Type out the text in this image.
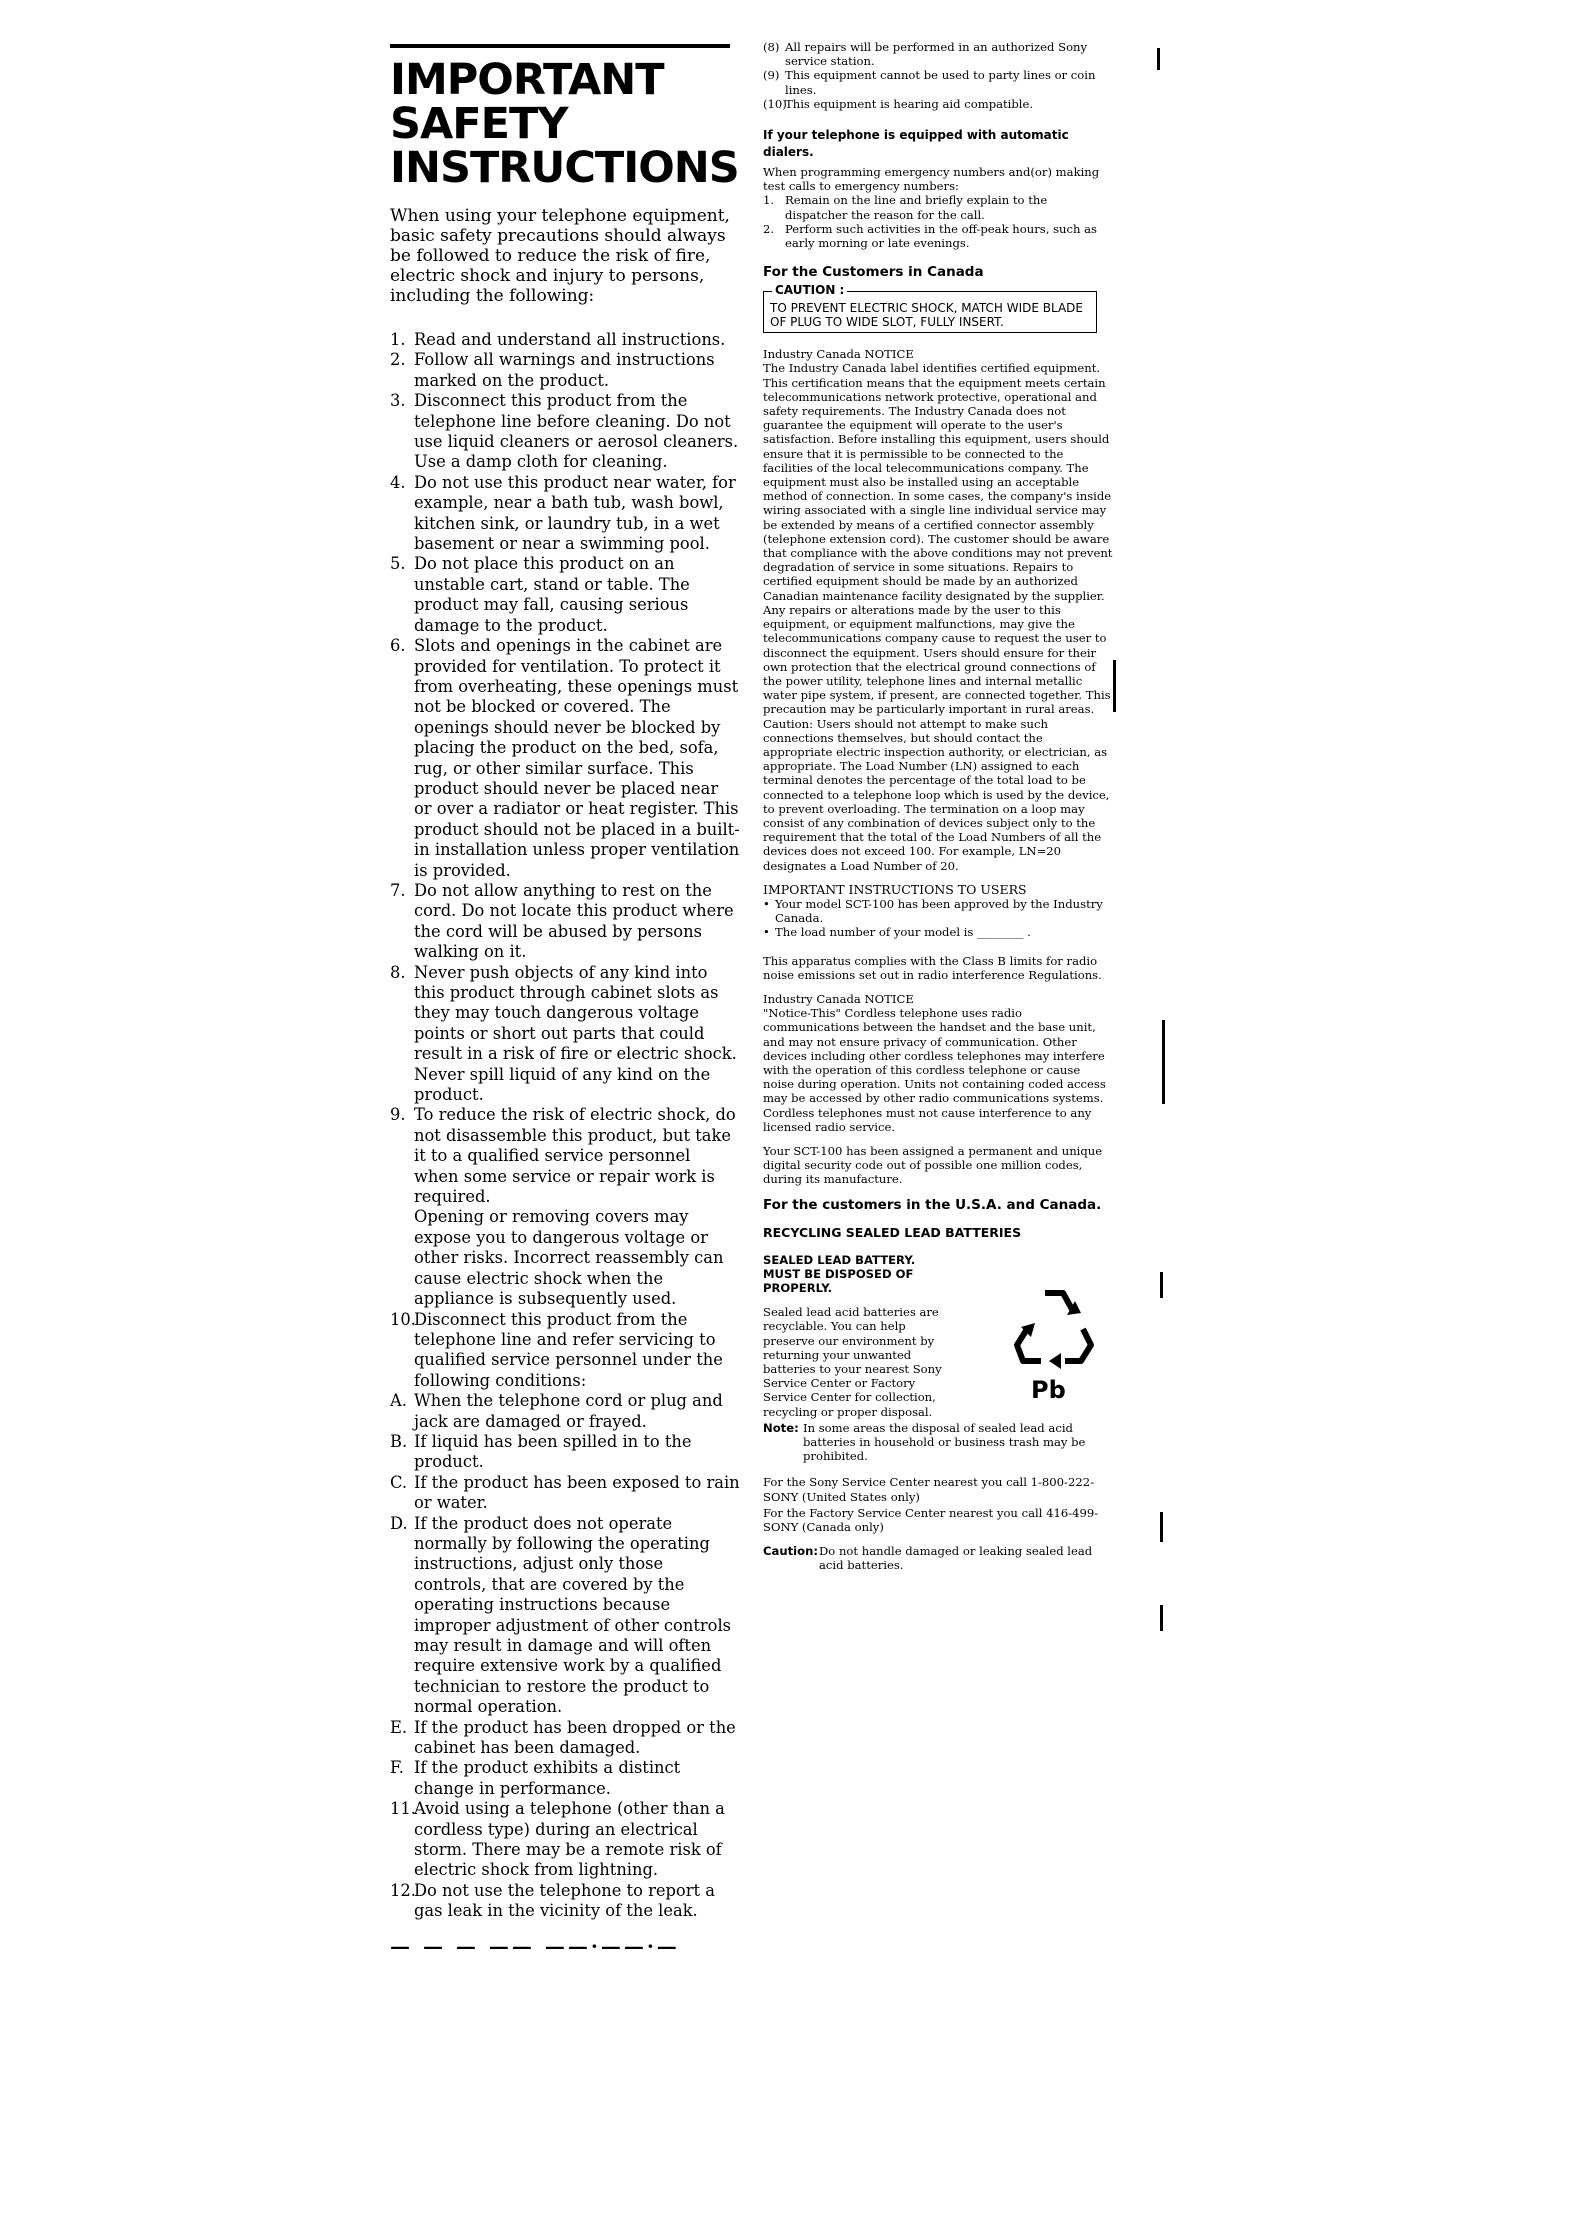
IMPORTANT
SAFETY
INSTRUCTIONS

When using your telephone equipment, basic safety precautions should always be followed to reduce the risk of fire, electric shock and injury to persons, including the following:

1. Read and understand all instructions.
2. Follow all warnings and instructions marked on the product.
3. Disconnect this product from the telephone line before cleaning. Do not use liquid cleaners or aerosol cleaners. Use a damp cloth for cleaning.
4. Do not use this product near water, for example, near a bath tub, wash bowl, kitchen sink, or laundry tub, in a wet basement or near a swimming pool.
5. Do not place this product on an unstable cart, stand or table. The product may fall, causing serious damage to the product.
6. Slots and openings in the cabinet are provided for ventilation. To protect it from overheating, these openings must not be blocked or covered. The openings should never be blocked by placing the product on the bed, sofa, rug, or other similar surface. This product should never be placed near or over a radiator or heat register. This product should not be placed in a built-in installation unless proper ventilation is provided.
7. Do not allow anything to rest on the cord. Do not locate this product where the cord will be abused by persons walking on it.
8. Never push objects of any kind into this product through cabinet slots as they may touch dangerous voltage points or short out parts that could result in a risk of fire or electric shock. Never spill liquid of any kind on the product.
9. To reduce the risk of electric shock, do not disassemble this product, but take it to a qualified service personnel when some service or repair work is required.
Opening or removing covers may expose you to dangerous voltage or other risks. Incorrect reassembly can cause electric shock when the appliance is subsequently used.
10.
Disconnect this product from the telephone line and refer servicing to qualified service personnel under the following conditions:
A. When the telephone cord or plug and jack are damaged or frayed.
B. If liquid has been spilled in to the product.
C. If the product has been exposed to rain or water.
D. If the product does not operate normally by following the operating instructions, adjust only those controls, that are covered by the operating instructions because improper adjustment of other controls may result in damage and will often require extensive work by a qualified technician to restore the product to normal operation.
E. If the product has been dropped or the cabinet has been damaged.
F. If the product exhibits a distinct change in performance.
11.
Avoid using a telephone (other than a cordless type) during an electrical storm. There may be a remote risk of electric shock from lightning.
12.
Do not use the telephone to report a gas leak in the vicinity of the leak.
— — — —— ——·——·—
(8) All repairs will be performed in an authorized Sony service station.
(9) This equipment cannot be used to party lines or coin lines.
(10)
This equipment is hearing aid compatible.
If your telephone is equipped with automatic dialers.
When programming emergency numbers and(or) making test calls to emergency numbers:
1. Remain on the line and briefly explain to the dispatcher the reason for the call.
2. Perform such activities in the off-peak hours, such as early morning or late evenings.
For the Customers in Canada
CAUTION :
TO PREVENT ELECTRIC SHOCK, MATCH WIDE BLADE OF PLUG TO WIDE SLOT, FULLY INSERT.
Industry Canada NOTICE

The Industry Canada label identifies certified equipment. This certification means that the equipment meets certain telecommunications network protective, operational and safety requirements. The Industry Canada does not guarantee the equipment will operate to the user's satisfaction. Before installing this equipment, users should ensure that it is permissible to be connected to the facilities of the local telecommunications company. The equipment must also be installed using an acceptable method of connection. In some cases, the company's inside wiring associated with a single line individual service may be extended by means of a certified connector assembly (telephone extension cord). The customer should be aware that compliance with the above conditions may not prevent degradation of service in some situations. Repairs to certified equipment should be made by an authorized Canadian maintenance facility designated by the supplier. Any repairs or alterations made by the user to this equipment, or equipment malfunctions, may give the telecommunications company cause to request the user to disconnect the equipment. Users should ensure for their own protection that the electrical ground connections of the power utility, telephone lines and internal metallic water pipe system, if present, are connected together. This precaution may be particularly important in rural areas. Caution: Users should not attempt to make such connections themselves, but should contact the appropriate electric inspection authority, or electrician, as appropriate. The Load Number (LN) assigned to each terminal denotes the percentage of the total load to be connected to a telephone loop which is used by the device, to prevent overloading. The termination on a loop may consist of any combination of devices subject only to the requirement that the total of the Load Numbers of all the devices does not exceed 100. For example, LN=20 designates a Load Number of 20.

IMPORTANT INSTRUCTIONS TO USERS
• Your model SCT-100 has been approved by the Industry Canada.
• The load number of your model is ________ .

This apparatus complies with the Class B limits for radio noise emissions set out in radio interference Regulations.

Industry Canada NOTICE

"Notice-This" Cordless telephone uses radio communications between the handset and the base unit, and may not ensure privacy of communication. Other devices including other cordless telephones may interfere with the operation of this cordless telephone or cause noise during operation. Units not containing coded access may be accessed by other radio communications systems. Cordless telephones must not cause interference to any licensed radio service.

Your SCT-100 has been assigned a permanent and unique digital security code out of possible one million codes, during its manufacture.

For the customers in the U.S.A. and Canada.
RECYCLING SEALED LEAD BATTERIES
SEALED LEAD BATTERY. MUST BE DISPOSED OF PROPERLY.
Sealed lead acid batteries are recyclable. You can help preserve our environment by returning your unwanted batteries to your nearest Sony Service Center or Factory Service Center for collection, recycling or proper disposal.
Pb
Note: In some areas the disposal of sealed lead acid batteries in household or business trash may be prohibited.

For the Sony Service Center nearest you call 1-800-222-SONY (United States only)

For the Factory Service Center nearest you call 416-499-SONY (Canada only)

Caution: Do not handle damaged or leaking sealed lead acid batteries.
